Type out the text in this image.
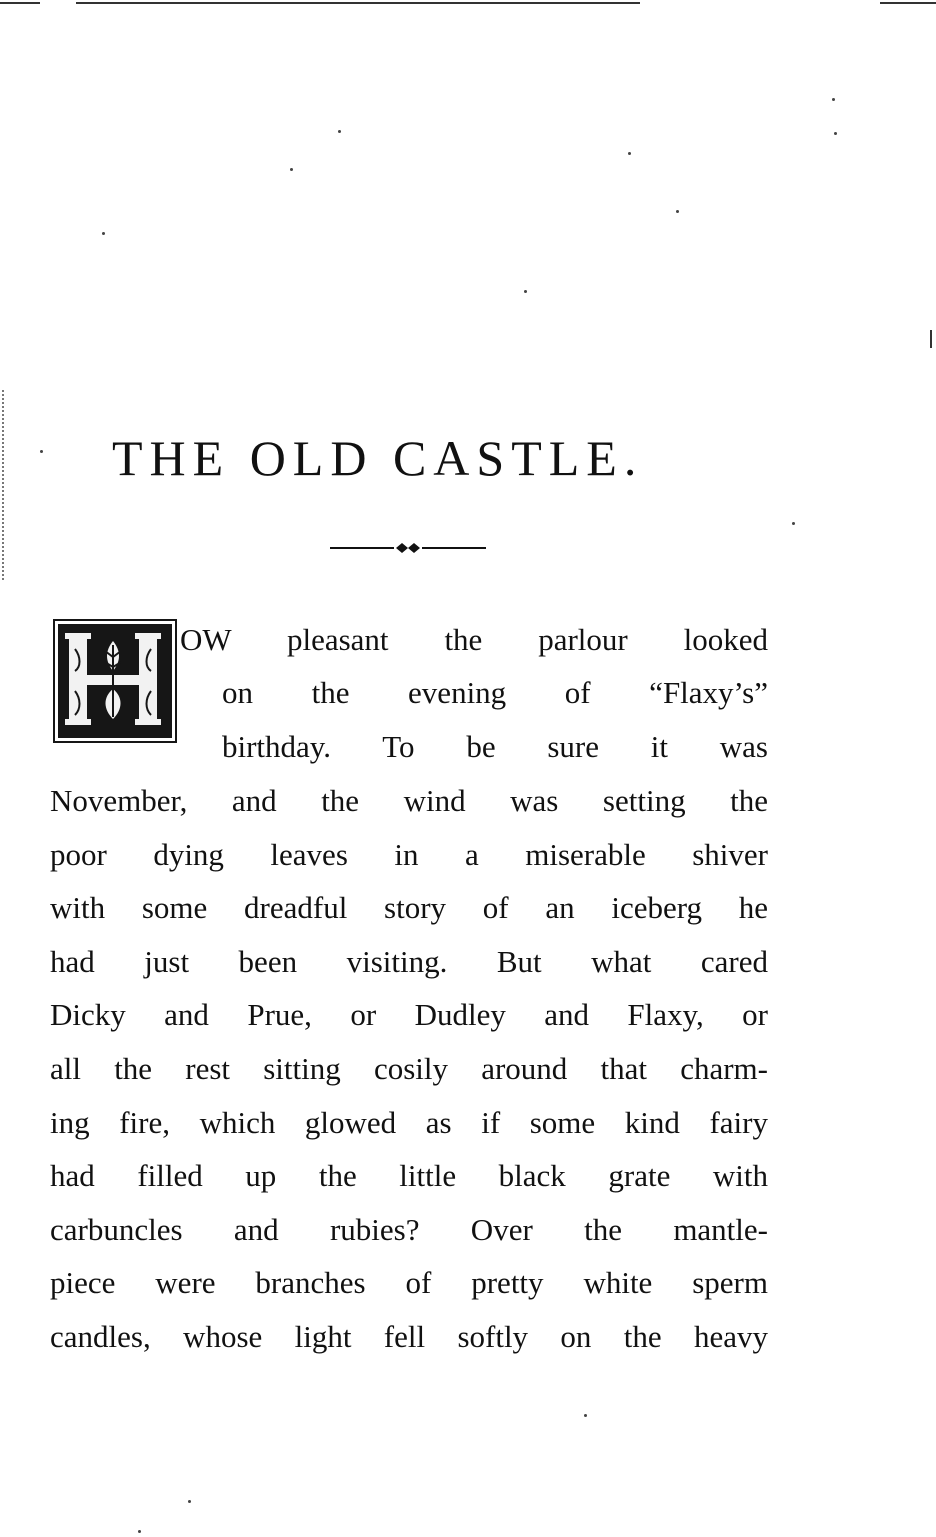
THE OLD CASTLE.
OW pleasant the parlour looked
on the evening of “Flaxy’s”
birthday. To be sure it was
November, and the wind was setting the
poor dying leaves in a miserable shiver
with some dreadful story of an iceberg he
had just been visiting. But what cared
Dicky and Prue, or Dudley and Flaxy, or
all the rest sitting cosily around that charm-
ing fire, which glowed as if some kind fairy
had filled up the little black grate with
carbuncles and rubies? Over the mantle-
piece were branches of pretty white sperm
candles, whose light fell softly on the heavy
